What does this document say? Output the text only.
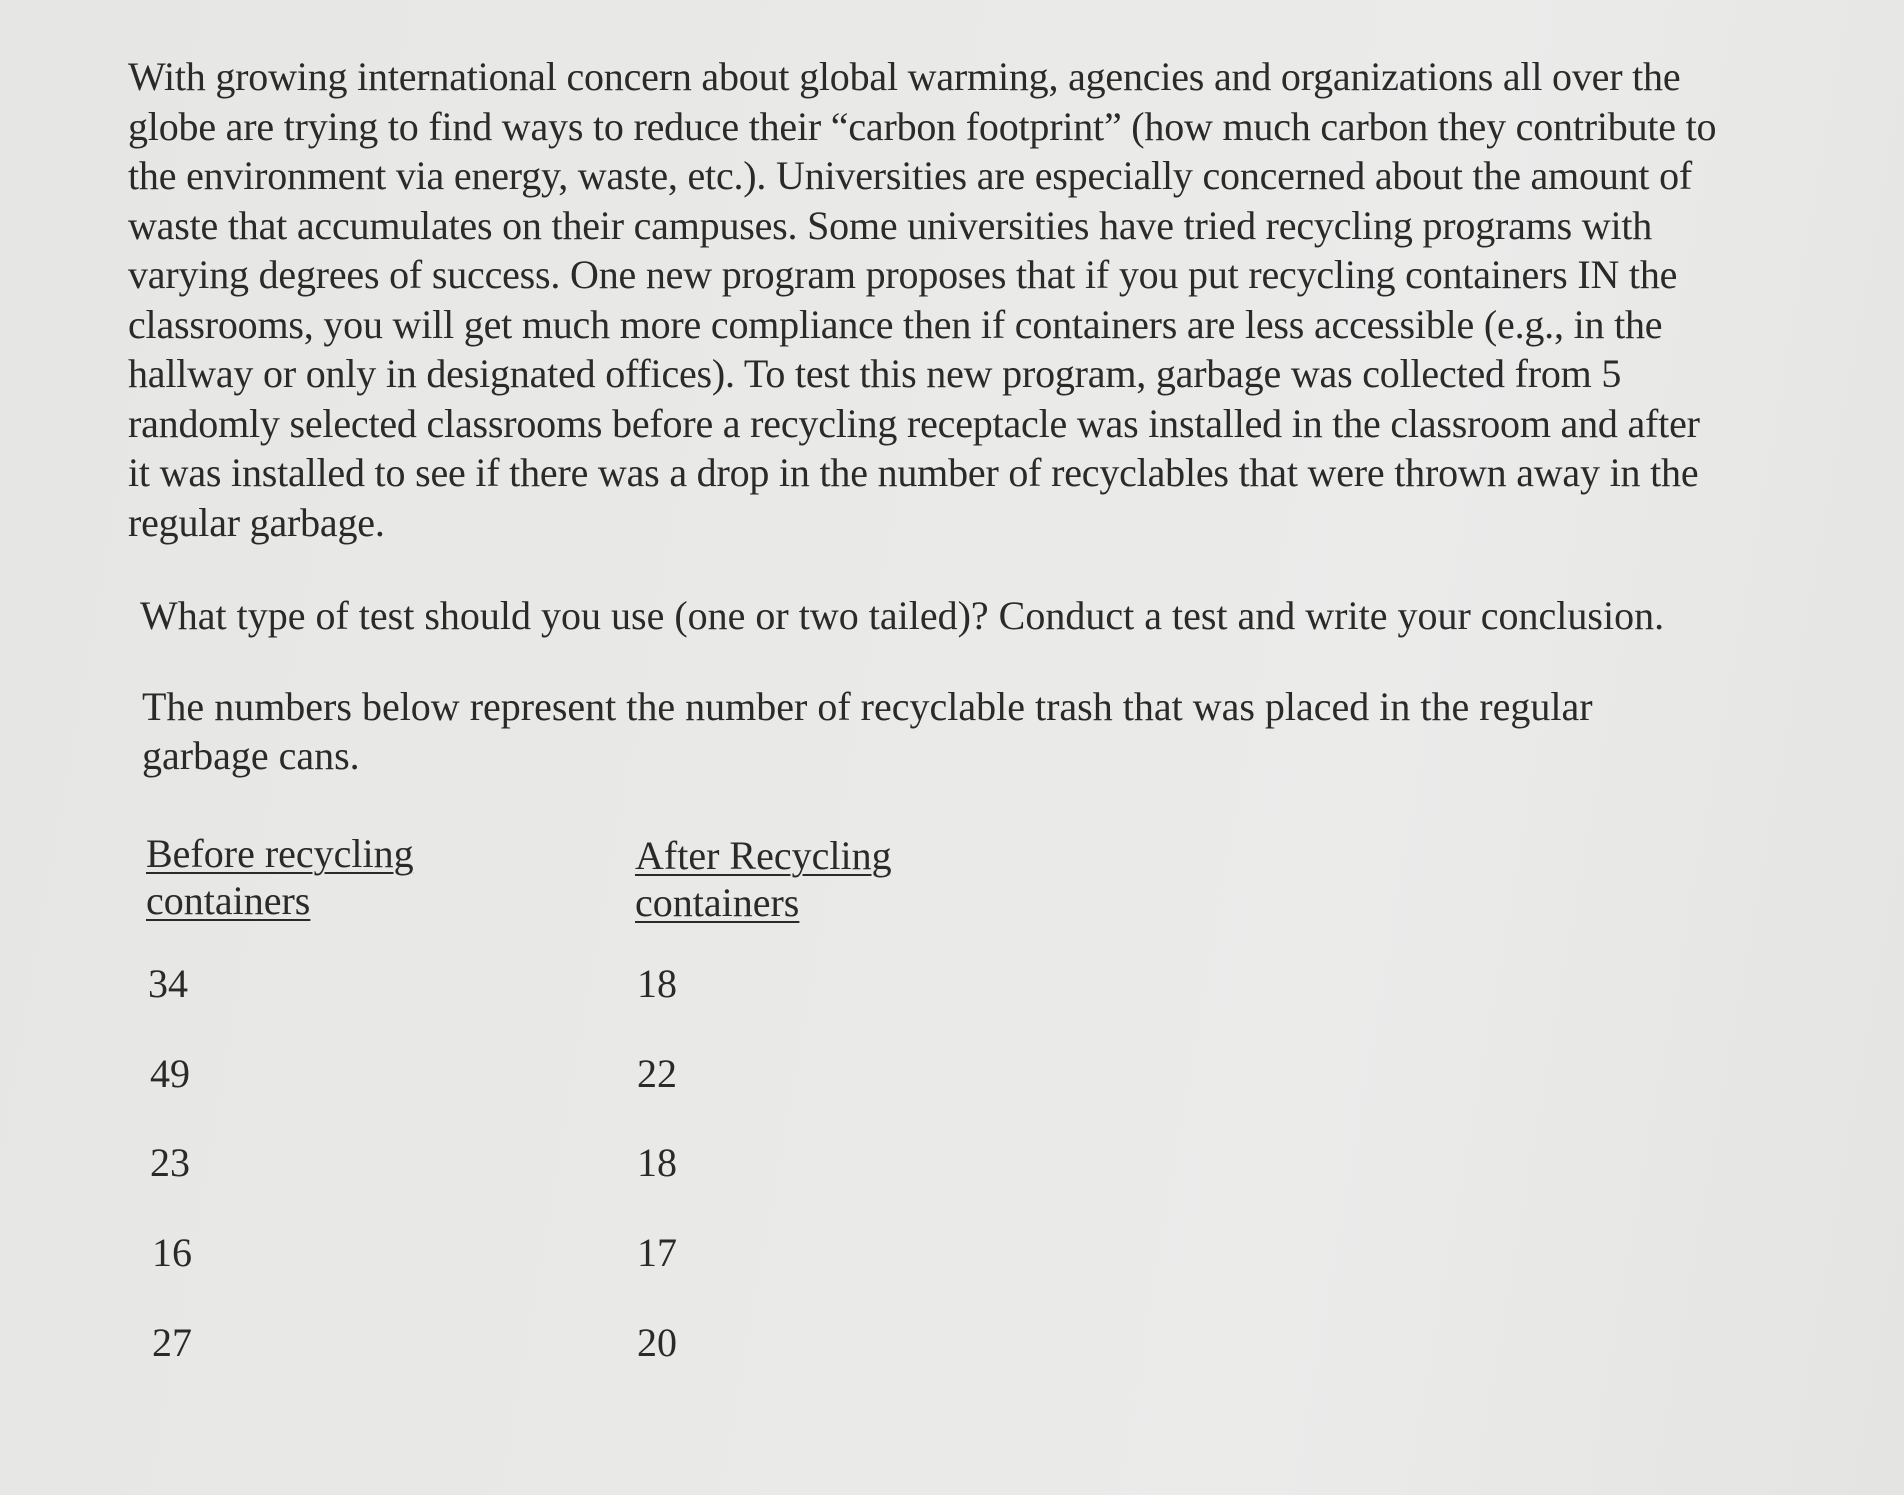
With growing international concern about global warming, agencies and organizations all over the globe are trying to find ways to reduce their “carbon footprint” (how much carbon they contribute to the environment via energy, waste, etc.). Universities are especially concerned about the amount of waste that accumulates on their campuses. Some universities have tried recycling programs with varying degrees of success. One new program proposes that if you put recycling containers IN the classrooms, you will get much more compliance then if containers are less accessible (e.g., in the hallway or only in designated offices). To test this new program, garbage was collected from 5 randomly selected classrooms before a recycling receptacle was installed in the classroom and after it was installed to see if there was a drop in the number of recyclables that were thrown away in the regular garbage.

What type of test should you use (one or two tailed)? Conduct a test and write your conclusion.

The numbers below represent the number of recyclable trash that was placed in the regular garbage cans.

Before recycling containers

34
49
23
16
27

After Recycling containers

18
22
18
17
20
